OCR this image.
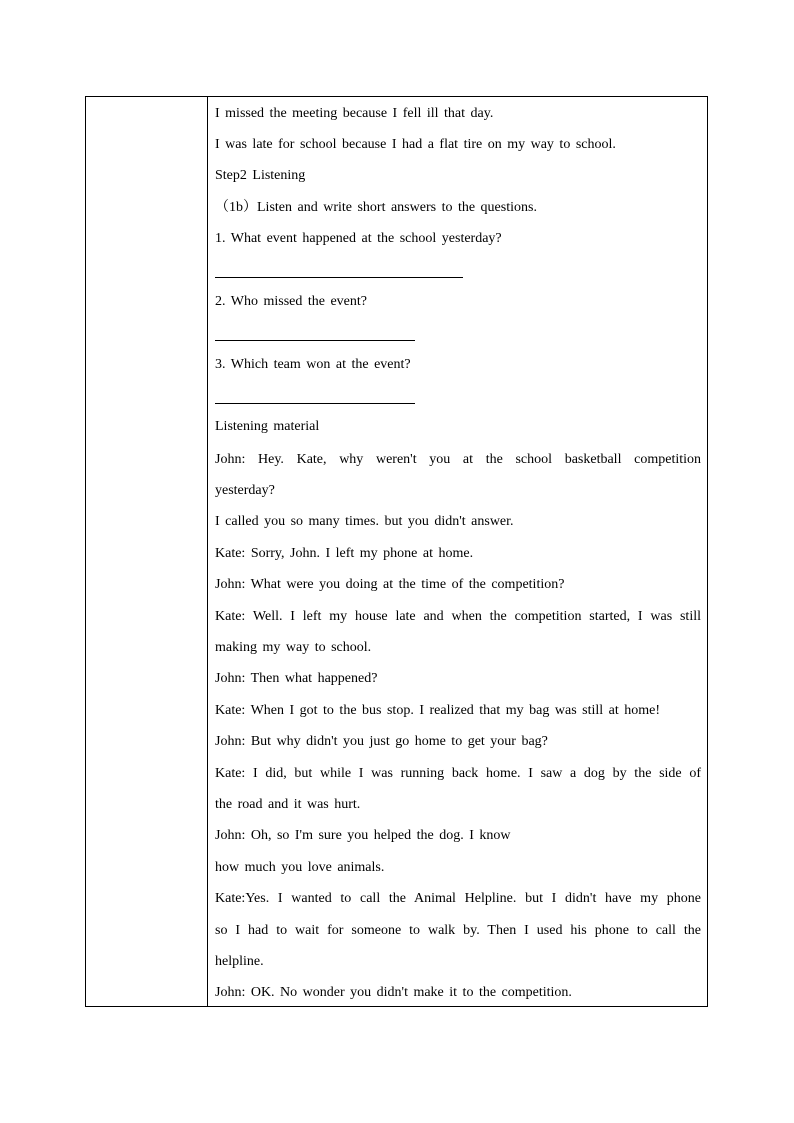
I missed the meeting because I fell ill that day.
I was late for school because I had a flat tire on my way to school.
Step2 Listening
（1b）Listen and write short answers to the questions.
1. What event happened at the school yesterday?
2. Who missed the event?
3. Which team won at the event?
Listening material
John: Hey. Kate, why weren't you at the school basketball competition
yesterday?
I called you so many times. but you didn't answer.
Kate: Sorry, John. I left my phone at home.
John: What were you doing at the time of the competition?
Kate: Well. I left my house late and when the competition started, I was still
making my way to school.
John: Then what happened?
Kate: When I got to the bus stop. I realized that my bag was still at home!
John: But why didn't you just go home to get your bag?
Kate: I did, but while I was running back home. I saw a dog by the side of
the road and it was hurt.
John: Oh, so I'm sure you helped the dog. I know
how much you love animals.
Kate:Yes. I wanted to call the Animal Helpline. but I didn't have my phone
so I had to wait for someone to walk by. Then I used his phone to call the
helpline.
John: OK. No wonder you didn't make it to the competition.
